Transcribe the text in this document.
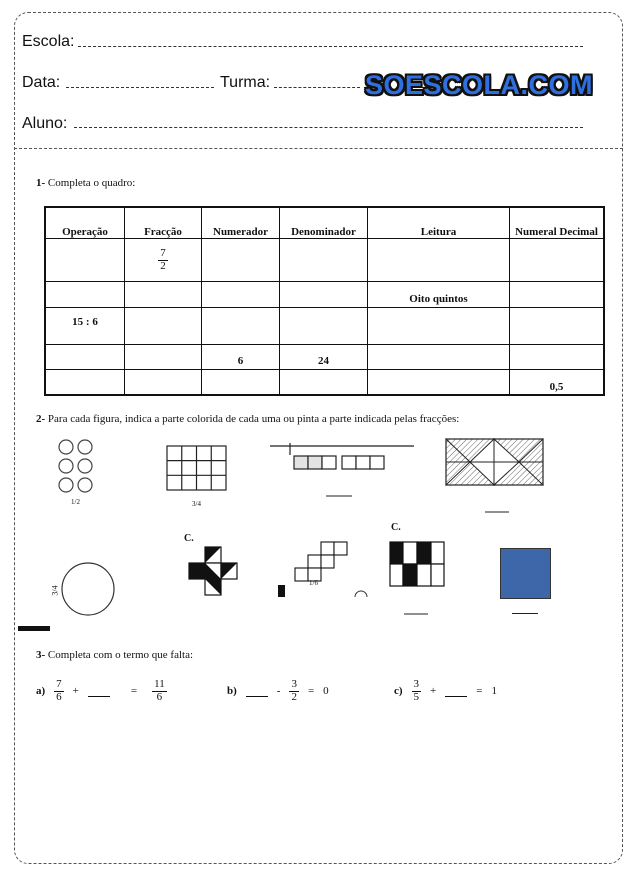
Escola:
Data:	Turma:	SOESCOLA.COM
Aluno:
1- Completa o quadro:
Operação	Fracção	Numerador	Denominador	Leitura	Numeral Decimal

	$\frac{7}{2}$

				Oito quintos	
15 : 6					
		6	24		
					0,5
2- Para cada figura, indica a parte colorida de cada uma ou pinta a parte indicada pelas fracções:
1/2	3/4
3/4
C.
1/6
C.
3- Completa com o termo que falta:
$a) \frac{7}{6}$ +	= $\frac{11}{6}$	b)	- $\frac{3}{2} = 0$	$c) \frac{3}{5}$ +	= 1
